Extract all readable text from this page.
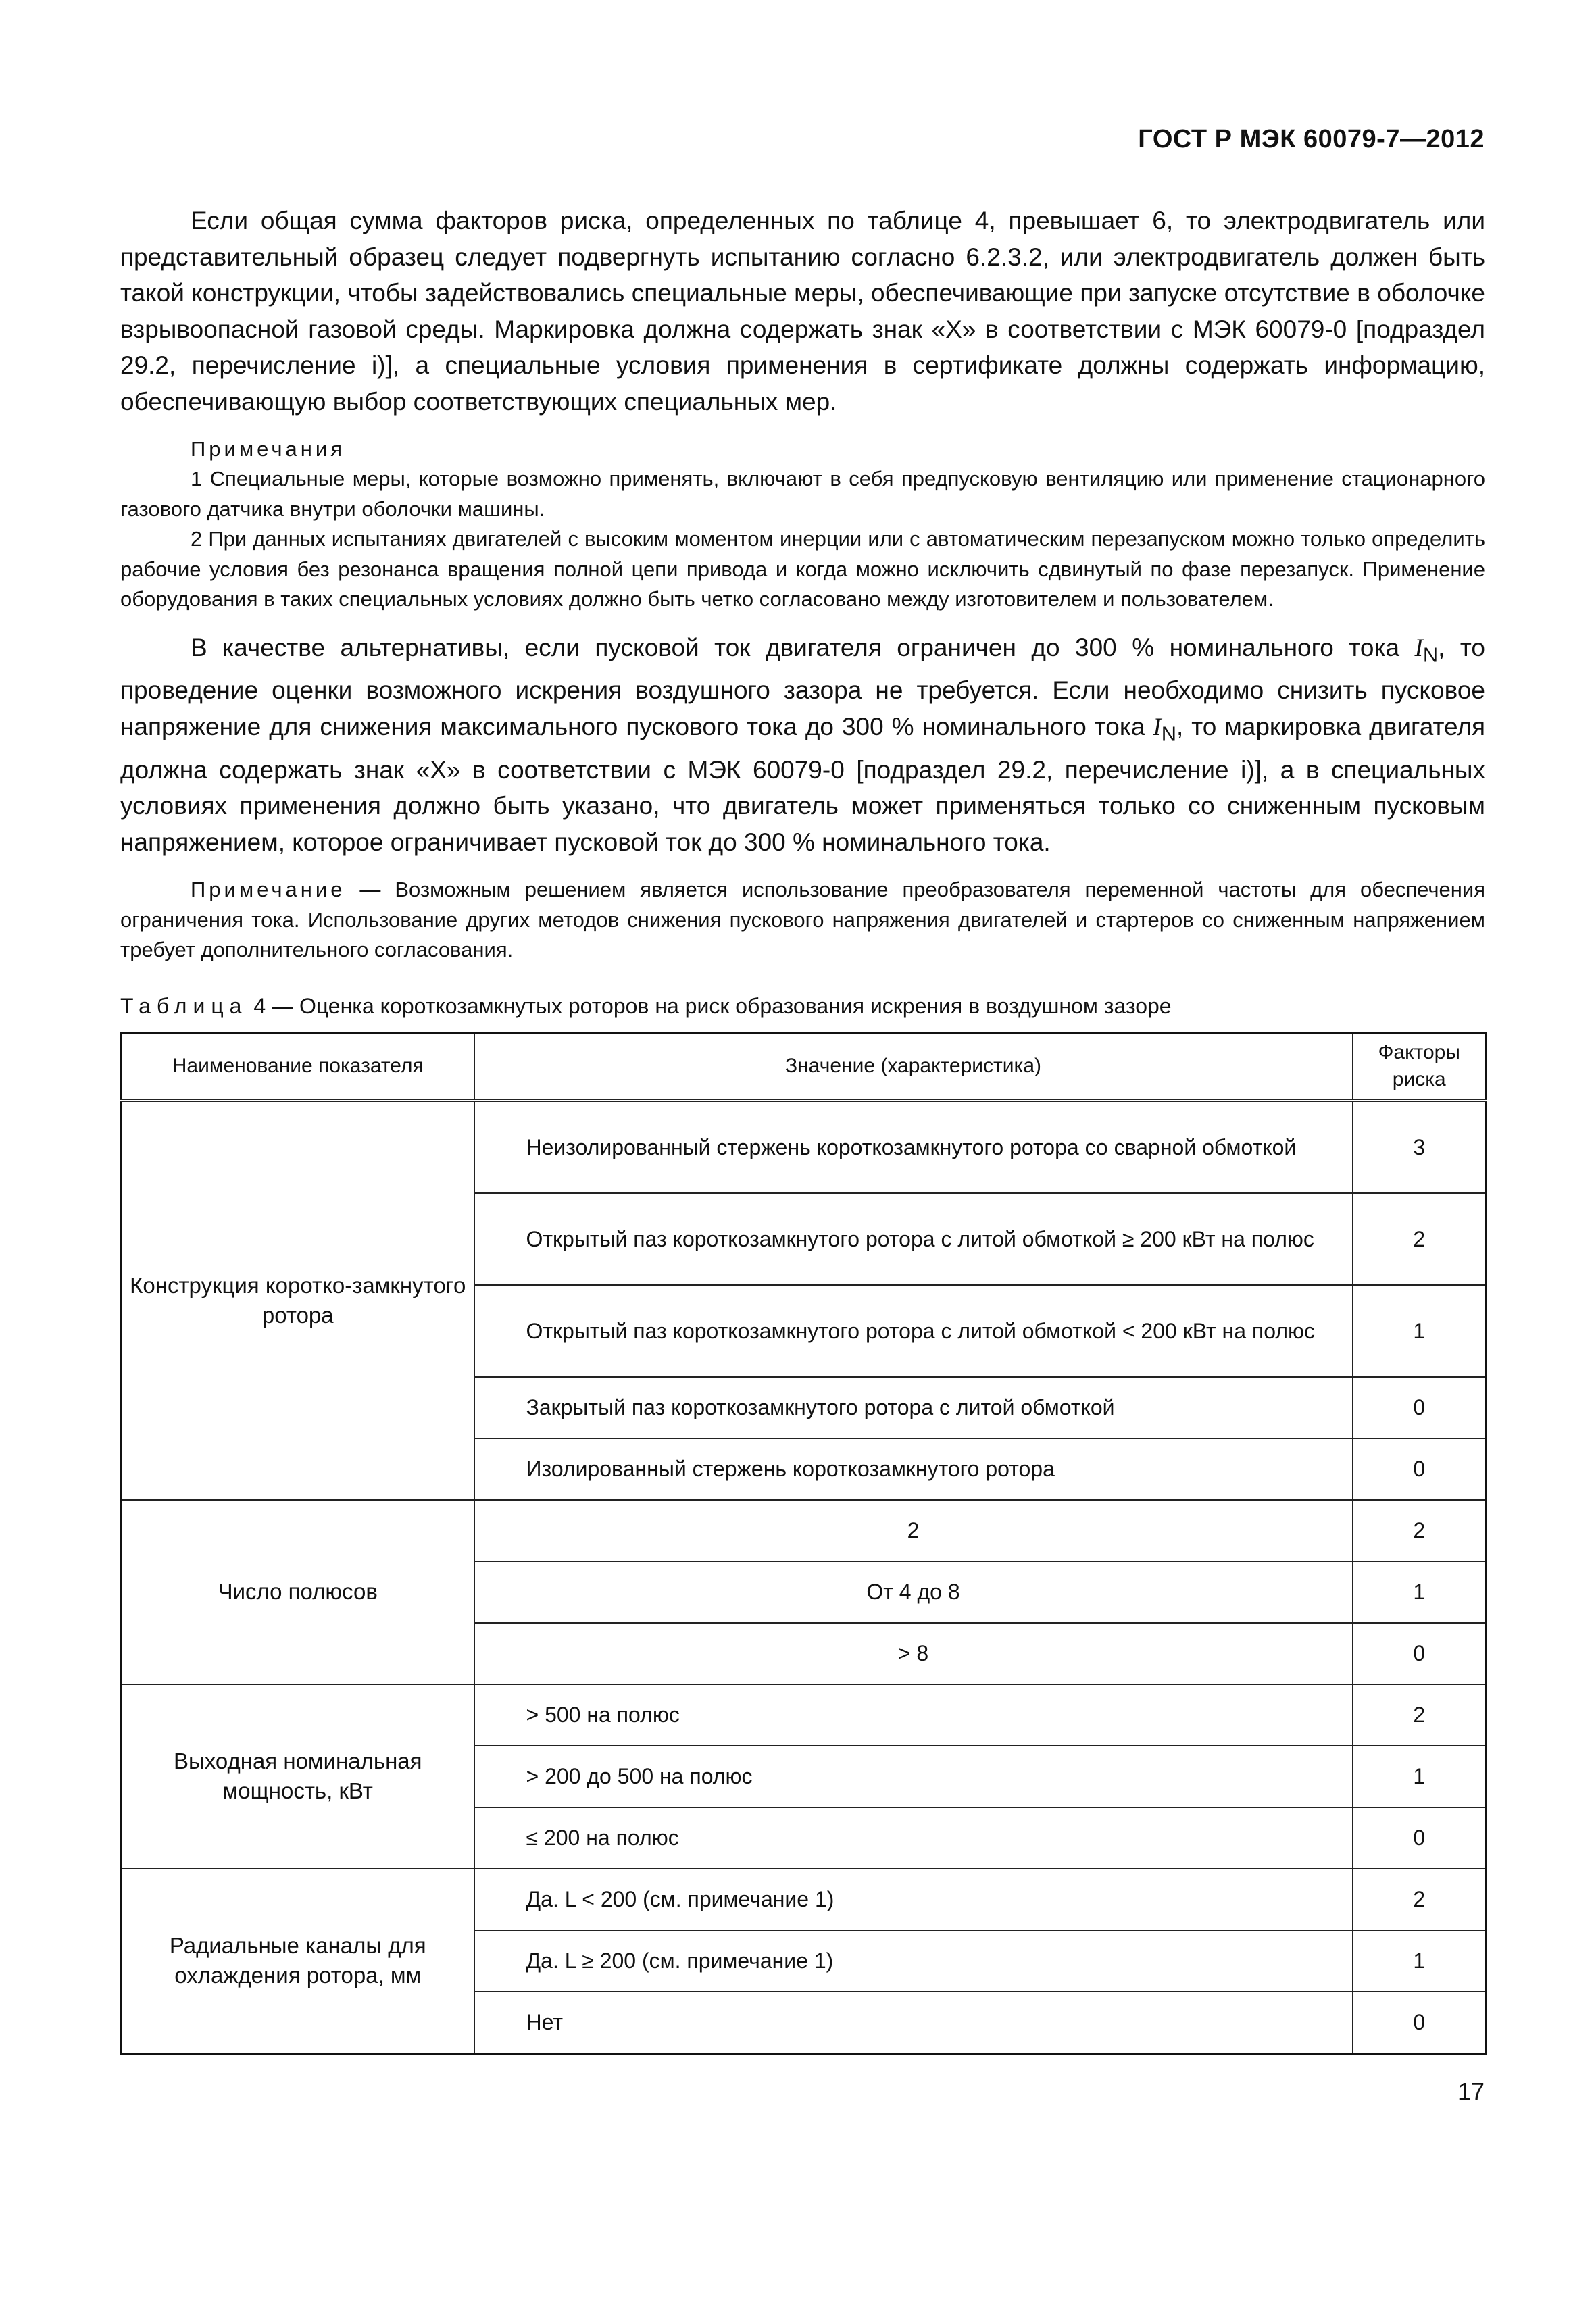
ГОСТ Р МЭК 60079-7—2012

Если общая сумма факторов риска, определенных по таблице 4, превышает 6, то электродвигатель или представительный образец следует подвергнуть испытанию согласно 6.2.3.2, или электродвигатель должен быть такой конструкции, чтобы задействовались специальные меры, обеспечивающие при запуске отсутствие в оболочке взрывоопасной газовой среды. Маркировка должна содержать знак «Х» в соответствии с МЭК 60079-0 [подраздел 29.2, перечисление i)], а специальные условия применения в сертификате должны содержать информацию, обеспечивающую выбор соответствующих специальных мер.

Примечания

1 Специальные меры, которые возможно применять, включают в себя предпусковую вентиляцию или применение стационарного газового датчика внутри оболочки машины.

2 При данных испытаниях двигателей с высоким моментом инерции или с автоматическим перезапуском можно только определить рабочие условия без резонанса вращения полной цепи привода и когда можно исключить сдвинутый по фазе перезапуск. Применение оборудования в таких специальных условиях должно быть четко согласовано между изготовителем и пользователем.

В качестве альтернативы, если пусковой ток двигателя ограничен до 300 % номинального тока $I_N$, то проведение оценки возможного искрения воздушного зазора не требуется. Если необходимо снизить пусковое напряжение для снижения максимального пускового тока до 300 % номинального тока $I_N$, то маркировка двигателя должна содержать знак «Х» в соответствии с МЭК 60079-0 [подраздел 29.2, перечисление i)], а в специальных условиях применения должно быть указано, что двигатель может применяться только со сниженным пусковым напряжением, которое ограничивает пусковой ток до 300 % номинального тока.

Примечание — Возможным решением является использование преобразователя переменной частоты для обеспечения ограничения тока. Использование других методов снижения пускового напряжения двигателей и стартеров со сниженным напряжением требует дополнительного согласования.

Таблица 4 — Оценка короткозамкнутых роторов на риск образования искрения в воздушном зазоре

Наименование показателя	Значение (характеристика)	Факторы риска
Конструкция коротко-замкнутого ротора	Неизолированный стержень короткозамкнутого ротора со сварной обмоткой	3
	Открытый паз короткозамкнутого ротора с литой обмоткой ≥ 200 кВт на полюс	2
	Открытый паз короткозамкнутого ротора с литой обмоткой < 200 кВт на полюс	1
	Закрытый паз короткозамкнутого ротора с литой обмоткой	0
	Изолированный стержень короткозамкнутого ротора	0
Число полюсов	2	2
	От 4 до 8	1
	> 8	0
Выходная номинальная мощность, кВт	> 500 на полюс	2
	> 200 до 500 на полюс	1
	≤ 200 на полюс	0
Радиальные каналы для охлаждения ротора, мм	Да. L < 200 (см. примечание 1)	2
	Да. L ≥ 200 (см. примечание 1)	1
	Нет	0
17
